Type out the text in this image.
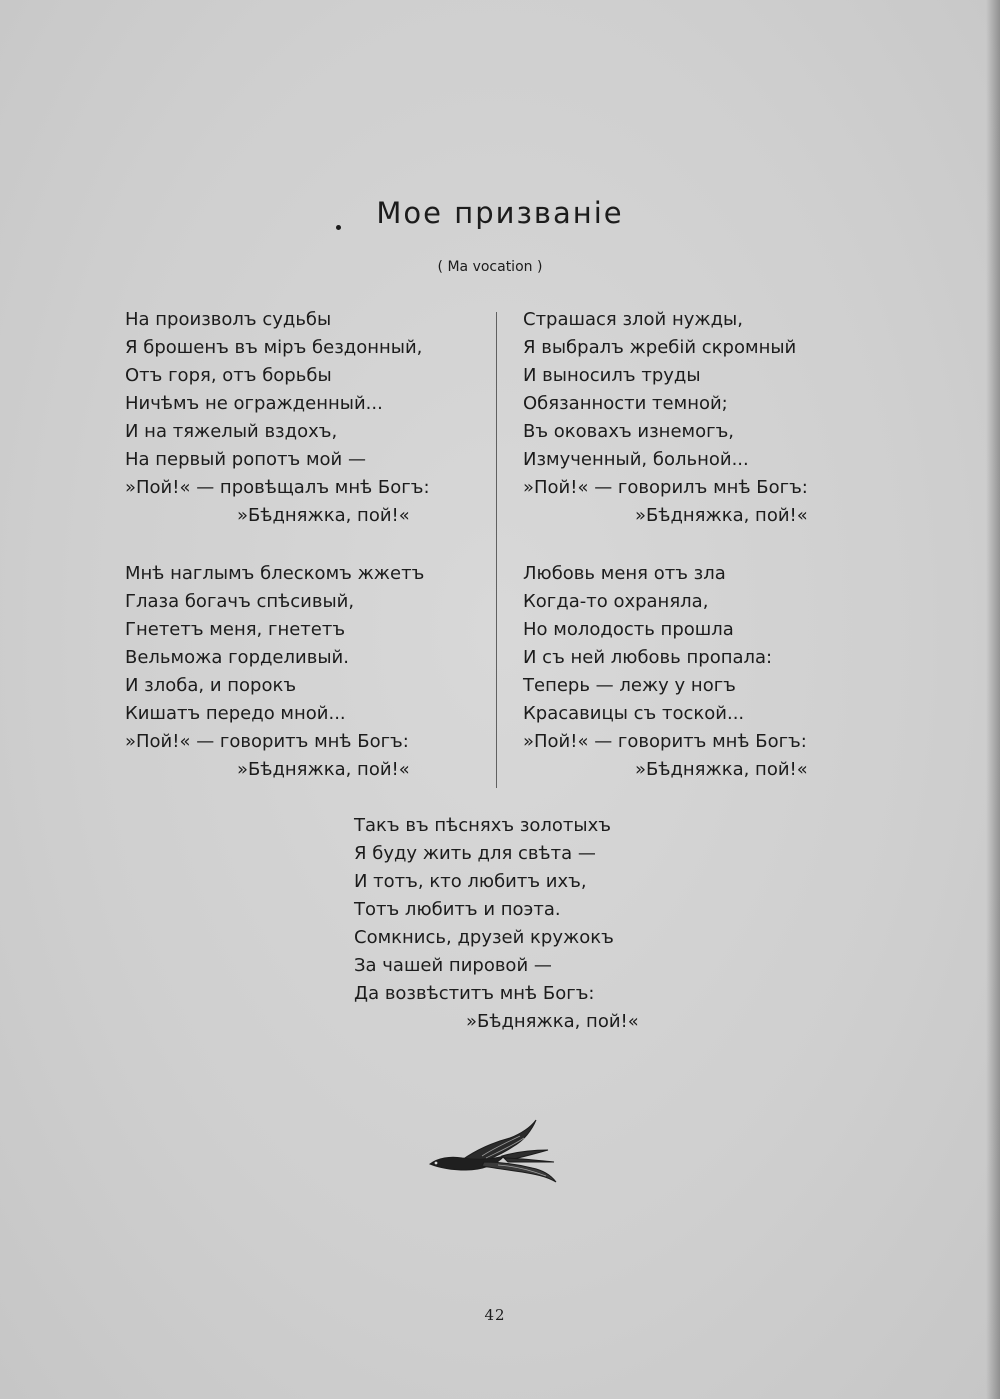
Мое призванiе
( Ma vocation )
На произволъ судьбы
Я брошенъ въ мiръ бездонный,
Отъ горя, отъ борьбы
Ничѣмъ не огражденный...
И на тяжелый вздохъ,
На первый ропотъ мой —
»Пой!« — провѣщалъ мнѣ Богъ:
»Бѣдняжка, пой!«
Страшася злой нужды,
Я выбралъ жребiй скромный
И выносилъ труды
Обязанности темной;
Въ оковахъ изнемогъ,
Измученный, больной...
»Пой!« — говорилъ мнѣ Богъ:
»Бѣдняжка, пой!«
Мнѣ наглымъ блескомъ жжетъ
Глаза богачъ спѣсивый,
Гнететъ меня, гнететъ
Вельможа горделивый.
И злоба, и порокъ
Кишатъ передо мной...
»Пой!« — говоритъ мнѣ Богъ:
»Бѣдняжка, пой!«
Любовь меня отъ зла
Когда-то охраняла,
Но молодость прошла
И съ ней любовь пропала:
Теперь — лежу у ногъ
Красавицы съ тоской...
»Пой!« — говоритъ мнѣ Богъ:
»Бѣдняжка, пой!«
Такъ въ пѣсняхъ золотыхъ
Я буду жить для свѣта —
И тотъ, кто любитъ ихъ,
Тотъ любитъ и поэта.
Сомкнись, друзей кружокъ
За чашей пировой —
Да возвѣститъ мнѣ Богъ:
»Бѣдняжка, пой!«
42
